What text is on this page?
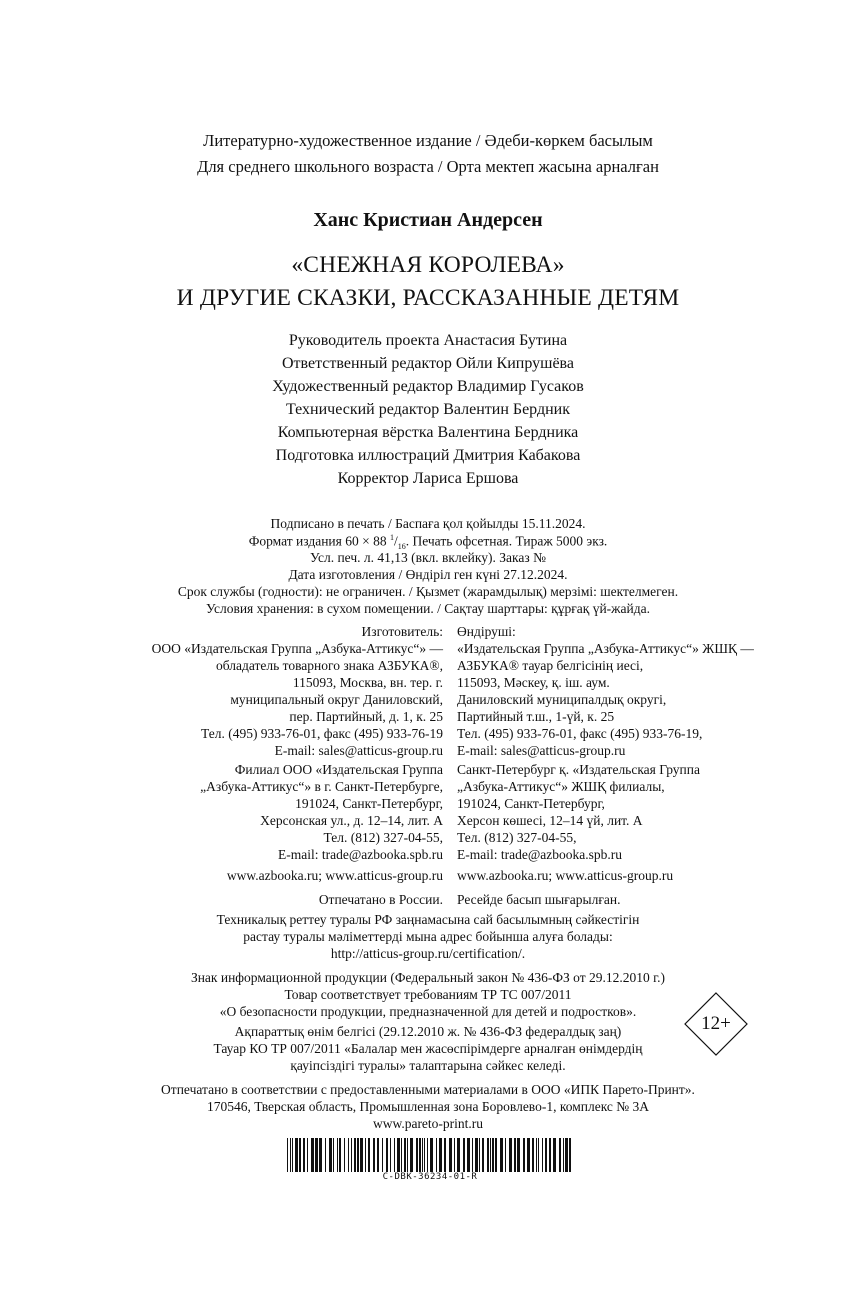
Литературно-художественное издание / Әдеби-көркем басылым
Для среднего школьного возраста / Орта мектеп жасына арналған
Ханс Кристиан Андерсен
«СНЕЖНАЯ КОРОЛЕВА»
И ДРУГИЕ СКАЗКИ, РАССКАЗАННЫЕ ДЕТЯМ
Руководитель проекта Анастасия Бутина
Ответственный редактор Ойли Кипрушёва
Художественный редактор Владимир Гусаков
Технический редактор Валентин Бердник
Компьютерная вёрстка Валентина Бердника
Подготовка иллюстраций Дмитрия Кабакова
Корректор Лариса Ершова
Подписано в печать / Баспаға қол қойылды 15.11.2024.
Формат издания 60 × 88 $^1/_{16}$. Печать офсетная. Тираж 5000 экз.
Усл. печ. л. 41,13 (вкл. вклейку). Заказ №
Дата изготовления / Өндіріл ген күні 27.12.2024.
Срок службы (годности): не ограничен. / Қызмет (жарамдылық) мерзімі: шектелмеген.
Условия хранения: в сухом помещении. / Сақтау шарттары: құрғақ үй-жайда.
Изготовитель:
ООО «Издательская Группа „Азбука-Аттикус“» —
обладатель товарного знака АЗБУКА®,
115093, Москва, вн. тер. г.
муниципальный округ Даниловский,
пер. Партийный, д. 1, к. 25
Тел. (495) 933-76-01, факс (495) 933-76-19
E-mail: sales@atticus-group.ru
Өндіруші:
«Издательская Группа „Азбука-Аттикус“» ЖШҚ —
АЗБУКА® тауар белгісінің иесі,
115093, Мәскеу, қ. іш. аум.
Даниловский муниципалдық округі,
Партийный т.ш., 1-үй, к. 25
Тел. (495) 933-76-01, факс (495) 933-76-19,
E-mail: sales@atticus-group.ru
Филиал ООО «Издательская Группа
„Азбука-Аттикус“» в г. Санкт-Петербурге,
191024, Санкт-Петербург,
Херсонская ул., д. 12–14, лит. А
Тел. (812) 327-04-55,
E-mail: trade@azbooka.spb.ru
Санкт-Петербург қ. «Издательская Группа
„Азбука-Аттикус“» ЖШҚ филиалы,
191024, Санкт-Петербург,
Херсон көшесі, 12–14 үй, лит. А
Тел. (812) 327-04-55,
E-mail: trade@azbooka.spb.ru
www.azbooka.ru; www.atticus-group.ru www.azbooka.ru; www.atticus-group.ru
Отпечатано в России. Ресейде басып шығарылған.
Техникалық реттеу туралы РФ заңнамасына сай басылымның сәйкестігін
растау туралы мәліметтерді мына адрес бойынша алуға болады:
http://atticus-group.ru/certification/.
Знак информационной продукции (Федеральный закон № 436-ФЗ от 29.12.2010 г.)
Товар соответствует требованиям ТР ТС 007/2011
«О безопасности продукции, предназначенной для детей и подростков».
Ақпараттық өнім белгісі (29.12.2010 ж. № 436-ФЗ федералдық заң)
Тауар КО ТР 007/2011 «Балалар мен жасөспірімдерге арналған өнімдердің
қауіпсіздігі туралы» талаптарына сәйкес келеді.
12+
Отпечатано в соответствии с предоставленными материалами в ООО «ИПК Парето-Принт».
170546, Тверская область, Промышленная зона Боровлево-1, комплекс № 3А
www.pareto-print.ru
C-DBK-36234-01-R
